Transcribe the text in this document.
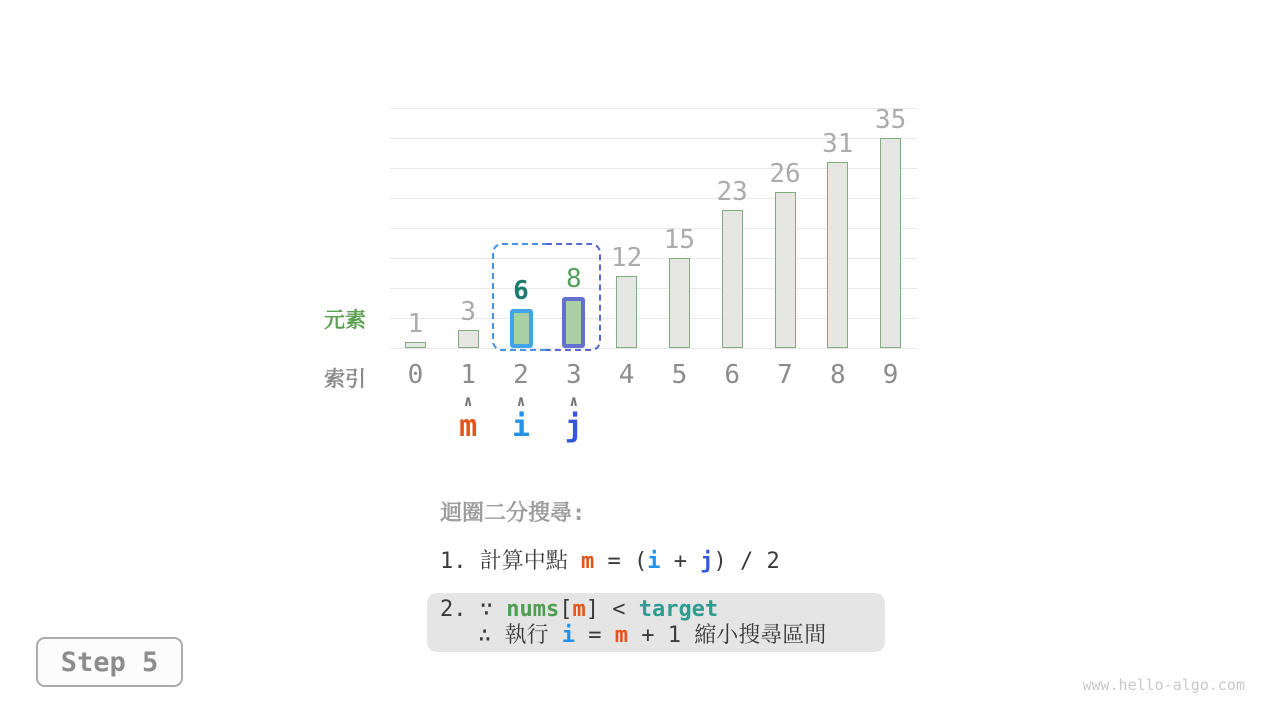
1 3
6 8
12
15
23
26
31
35
元素
索引 0 1 2 3 4 5 6 7 8 9
∧
m
∧
i
∧
j
迴圈二分搜尋:
1. 計算中點 m = (i + j) / 2
2. ∵ nums[m] < target
∴ 執行 i = m + 1 縮小搜尋區間
Step 5
www.hello-algo.com
